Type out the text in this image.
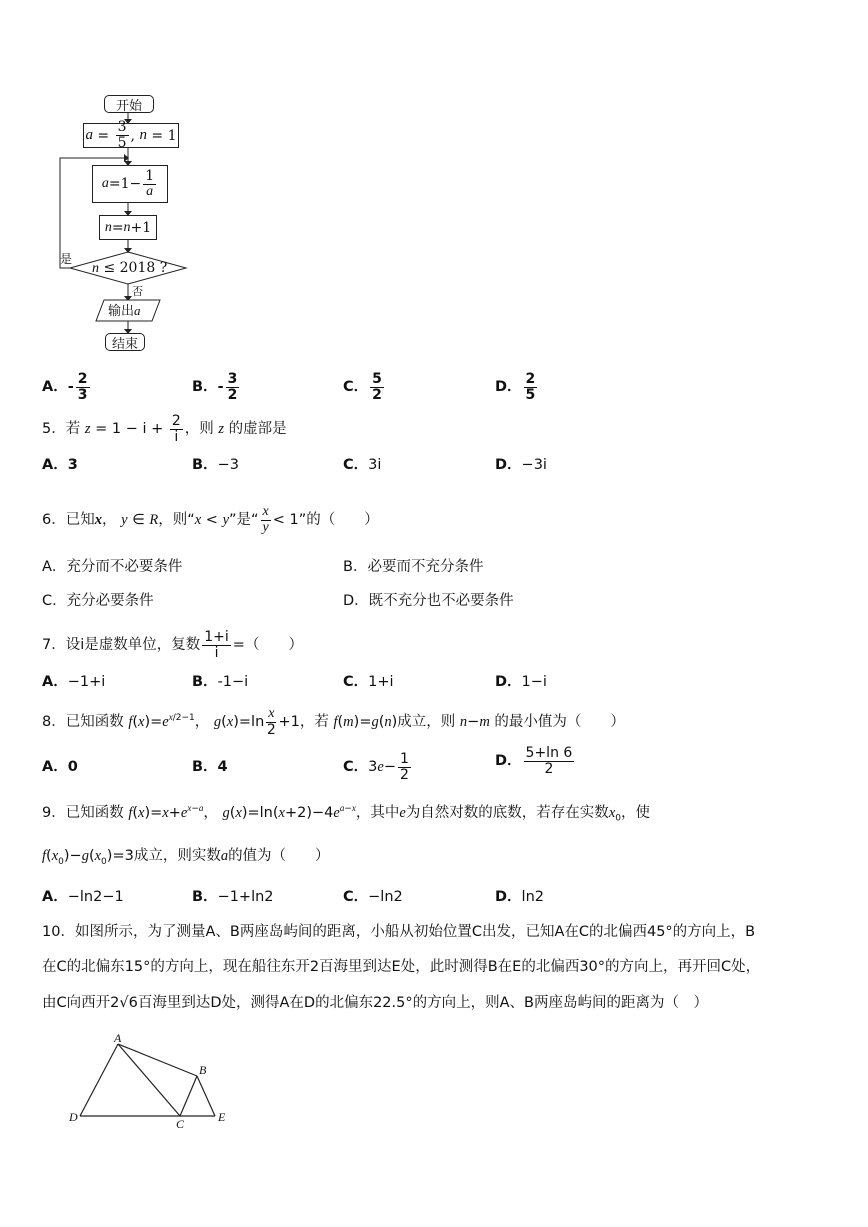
开始
$a = \frac{3}{5}$ , n = 1
$a =1- \frac{1}{a}$
n = n +1
n ≤ 2018 ?
是
否
输出a
结束
A．- $\frac{2}{3}$	B．- $\frac{3}{2}$	C． $\frac{5}{2}$	D． $\frac{2}{5}$
5．若 $z = 1 - i + \frac{2}{i}$ ，则 z 的虚部是
A．3	B．−3	C．3i	D．−3i
6．已知x， y ∈ R，则“x < y”是“ $\frac{x}{y} < 1$”的（　　）
A．充分而不必要条件	B．必要而不充分条件
C．充分必要条件	D．既不充分也不必要条件
7．设i是虚数单位，复数 $\frac{1+i}{i}$ =（　　）
A．−1+i	B．-1−i	C．1+i	D．1−i
8．已知函数 $f(x)=e^{x/2-1}$， $g(x)=\ln \frac{x}{2} +1$，若 f(m)=g(n)成立，则 n−m 的最小值为（　　）
A．0	B．4	C．$3e- \frac{1}{2}$	D． $\frac{5+\ln 6}{2}$
9．已知函数 $f(x)=x+e^{x-a}$， $g(x)=\ln(x+2)-4e^{a-x}$，其中e为自然对数的底数，若存在实数$x_0$，使
$f(x_0)-g(x_0)=3$成立，则实数a的值为（　　）
A．−ln2−1	B．−1+ln2	C．−ln2	D．ln2
10．如图所示，为了测量A、B两座岛屿间的距离，小船从初始位置C出发，已知A在C的北偏西45°的方向上，B
在C的北偏东15°的方向上，现在船往东开2百海里到达E处，此时测得B在E的北偏西30°的方向上，再开回C处，
由C向西开2√6百海里到达D处，测得A在D的北偏东22.5°的方向上，则A、B两座岛屿间的距离为（　）
A
B
C
D	E
